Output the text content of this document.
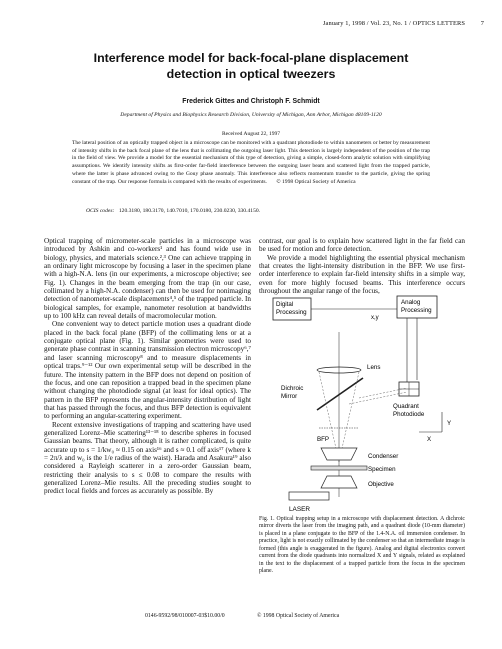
January 1, 1998 / Vol. 23, No. 1 / OPTICS LETTERS 7
Interference model for back-focal-plane displacement
detection in optical tweezers
Frederick Gittes and Christoph F. Schmidt
Department of Physics and Biophysics Research Division, University of Michigan, Ann Arbor, Michigan 48109-1120
Received August 22, 1997
The lateral position of an optically trapped object in a microscope can be monitored with a quadrant photodiode to within nanometers or better by measurement of intensity shifts in the back focal plane of the lens that is collimating the outgoing laser light. This detection is largely independent of the position of the trap in the field of view. We provide a model for the essential mechanism of this type of detection, giving a simple, closed-form analytic solution with simplifying assumptions. We identify intensity shifts as first-order far-field interference between the outgoing laser beam and scattered light from the trapped particle, where the latter is phase advanced owing to the Gouy phase anomaly. This interference also reflects momentum transfer to the particle, giving the spring constant of the trap. Our response formula is compared with the results of experiments. © 1998 Optical Society of America
OCIS codes: 120.3180, 180.3170, 140.7010, 170.0180, 230.0230, 330.4150.

Optical trapping of micrometer-scale particles in a microscope was introduced by Ashkin and co-workers¹ and has found wide use in biology, physics, and materials science.²,³ One can achieve trapping in an ordinary light microscope by focusing a laser in the specimen plane with a high-N.A. lens (in our experiments, a microscope objective; see Fig. 1). Changes in the beam emerging from the trap (in our case, collimated by a high-N.A. condenser) can then be used for nonimaging detection of nanometer-scale displacements⁴,⁵ of the trapped particle. In biological samples, for example, nanometer resolution at bandwidths up to 100 kHz can reveal details of macromolecular motion.

One convenient way to detect particle motion uses a quadrant diode placed in the back focal plane (BFP) of the collimating lens or at a conjugate optical plane (Fig. 1). Similar geometries were used to generate phase contrast in scanning transmission electron microscopy⁶,⁷ and laser scanning microscopy⁸ and to measure displacements in optical traps.⁹⁻¹² Our own experimental setup will be described in the future. The intensity pattern in the BFP does not depend on position of the focus, and one can reposition a trapped bead in the specimen plane without changing the photodiode signal (at least for ideal optics). The pattern in the BFP represents the angular-intensity distribution of light that has passed through the focus, and thus BFP detection is equivalent to performing an angular-scattering experiment.

Recent extensive investigations of trapping and scattering have used generalized Lorenz–Mie scattering¹³⁻¹⁸ to describe spheres in focused Gaussian beams. That theory, although it is rather complicated, is quite accurate up to s = 1/kw₀ ≈ 0.15 on axis¹⁶ and s ≈ 0.1 off axis¹⁷ (where k = 2π/λ and w₀ is the 1/e radius of the waist). Harada and Asakura¹⁹ also considered a Rayleigh scatterer in a zero-order Gaussian beam, restricting their analysis to s ≤ 0.08 to compare the results with generalized Lorenz–Mie results. All the preceding studies sought to predict local fields and forces as accurately as possible. By

contrast, our goal is to explain how scattered light in the far field can be used for motion and force detection.

We provide a model highlighting the essential physical mechanism that creates the light-intensity distribution in the BFP. We use first-order interference to explain far-field intensity shifts in a simple way, even for more highly focused beams. This interference occurs throughout the angular range of the focus,

Digital
Processing
Analog
Processing
x,y
Lens
Dichroic
Mirror
Quadrant
Photodiode
X
Y
BFP
Condenser
Specimen
Objective
LASER
Fig. 1. Optical trapping setup in a microscope with displacement detection. A dichroic mirror diverts the laser from the imaging path, and a quadrant diode (10-mm diameter) is placed in a plane conjugate to the BFP of the 1.4-N.A. oil immersion condenser. In practice, light is not exactly collimated by the condenser so that an intermediate image is formed (this angle is exaggerated in the figure). Analog and digital electronics convert current from the diode quadrants into normalized X and Y signals, related as explained in the text to the displacement of a trapped particle from the focus in the specimen plane.
0146-9592/98/010007-03$10.00/0	© 1998 Optical Society of America
